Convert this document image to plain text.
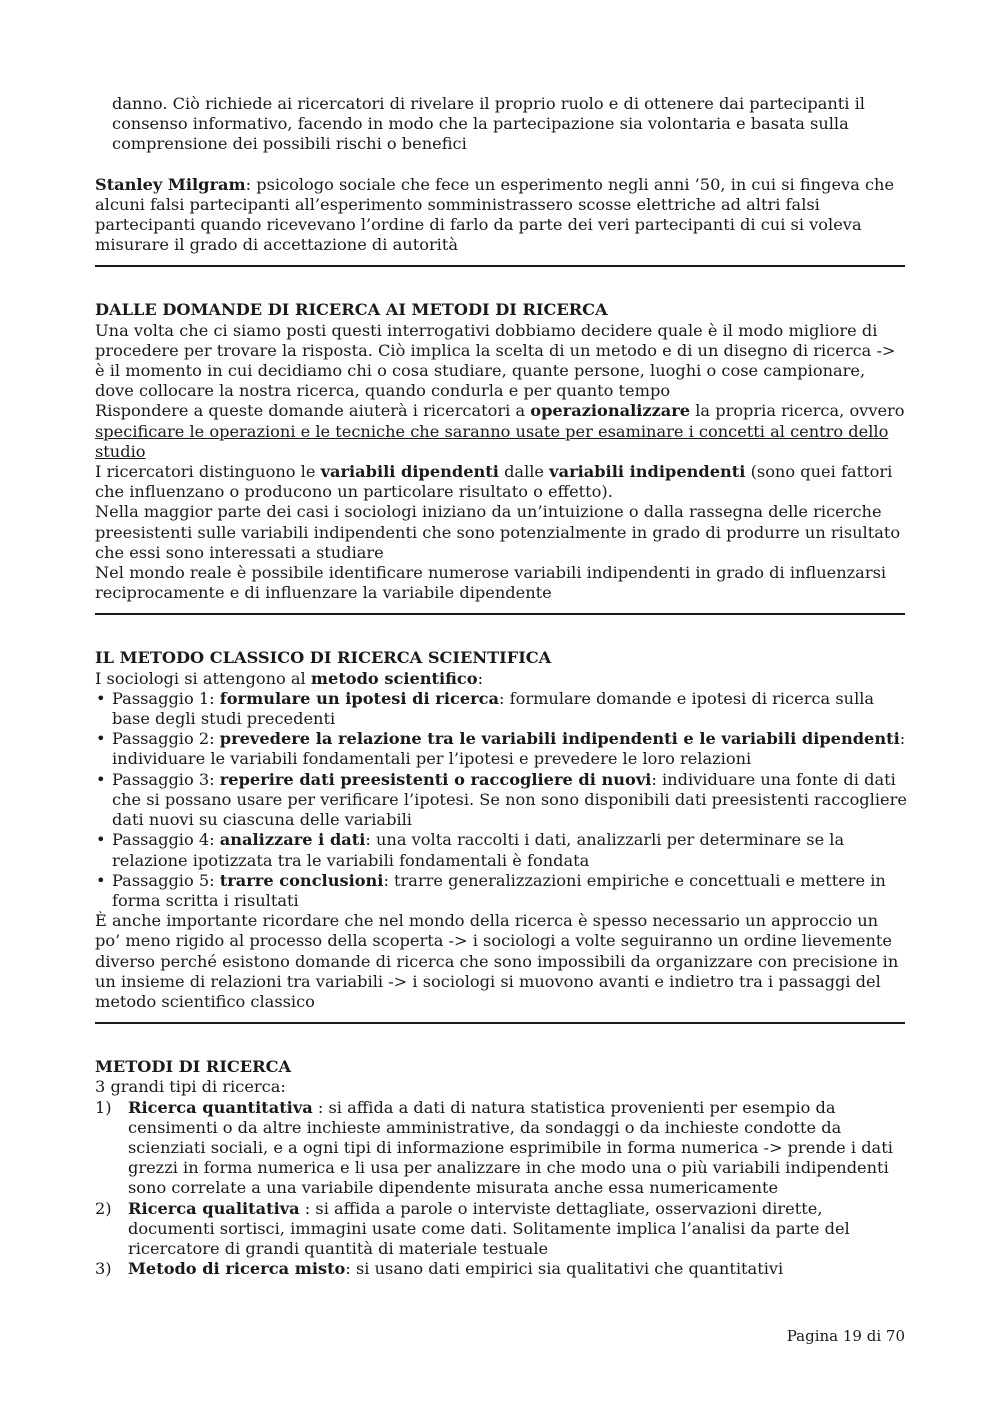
danno. Ciò richiede ai ricercatori di rivelare il proprio ruolo e di ottenere dai partecipanti il consenso informativo, facendo in modo che la partecipazione sia volontaria e basata sulla comprensione dei possibili rischi o benefici

Stanley Milgram: psicologo sociale che fece un esperimento negli anni ’50, in cui si fingeva che alcuni falsi partecipanti all’esperimento somministrassero scosse elettriche ad altri falsi partecipanti quando ricevevano l’ordine di farlo da parte dei veri partecipanti di cui si voleva misurare il grado di accettazione di autorità

DALLE DOMANDE DI RICERCA AI METODI DI RICERCA

Una volta che ci siamo posti questi interrogativi dobbiamo decidere quale è il modo migliore di procedere per trovare la risposta. Ciò implica la scelta di un metodo e di un disegno di ricerca -> è il momento in cui decidiamo chi o cosa studiare, quante persone, luoghi o cose campionare, dove collocare la nostra ricerca, quando condurla e per quanto tempo

Rispondere a queste domande aiuterà i ricercatori a operazionalizzare la propria ricerca, ovvero specificare le operazioni e le tecniche che saranno usate per esaminare i concetti al centro dello studio

I ricercatori distinguono le variabili dipendenti dalle variabili indipendenti (sono quei fattori che influenzano o producono un particolare risultato o effetto).

Nella maggior parte dei casi i sociologi iniziano da un’intuizione o dalla rassegna delle ricerche preesistenti sulle variabili indipendenti che sono potenzialmente in grado di produrre un risultato che essi sono interessati a studiare

Nel mondo reale è possibile identificare numerose variabili indipendenti in grado di influenzarsi reciprocamente e di influenzare la variabile dipendente

IL METODO CLASSICO DI RICERCA SCIENTIFICA

I sociologi si attengono al metodo scientifico:

• Passaggio 1: formulare un ipotesi di ricerca: formulare domande e ipotesi di ricerca sulla base degli studi precedenti
• Passaggio 2: prevedere la relazione tra le variabili indipendenti e le variabili dipendenti: individuare le variabili fondamentali per l’ipotesi e prevedere le loro relazioni
• Passaggio 3: reperire dati preesistenti o raccogliere di nuovi: individuare una fonte di dati che si possano usare per verificare l’ipotesi. Se non sono disponibili dati preesistenti raccogliere dati nuovi su ciascuna delle variabili
• Passaggio 4: analizzare i dati: una volta raccolti i dati, analizzarli per determinare se la relazione ipotizzata tra le variabili fondamentali è fondata
• Passaggio 5: trarre conclusioni: trarre generalizzazioni empiriche e concettuali e mettere in forma scritta i risultati

È anche importante ricordare che nel mondo della ricerca è spesso necessario un approccio un po’ meno rigido al processo della scoperta -> i sociologi a volte seguiranno un ordine lievemente diverso perché esistono domande di ricerca che sono impossibili da organizzare con precisione in un insieme di relazioni tra variabili -> i sociologi si muovono avanti e indietro tra i passaggi del metodo scientifico classico

METODI DI RICERCA

3 grandi tipi di ricerca:

1) Ricerca quantitativa : si affida a dati di natura statistica provenienti per esempio da censimenti o da altre inchieste amministrative, da sondaggi o da inchieste condotte da scienziati sociali, e a ogni tipi di informazione esprimibile in forma numerica -> prende i dati grezzi in forma numerica e li usa per analizzare in che modo una o più variabili indipendenti sono correlate a una variabile dipendente misurata anche essa numericamente
2) Ricerca qualitativa : si affida a parole o interviste dettagliate, osservazioni dirette, documenti sortisci, immagini usate come dati. Solitamente implica l’analisi da parte del ricercatore di grandi quantità di materiale testuale
3) Metodo di ricerca misto: si usano dati empirici sia qualitativi che quantitativi
Pagina 19 di 70
